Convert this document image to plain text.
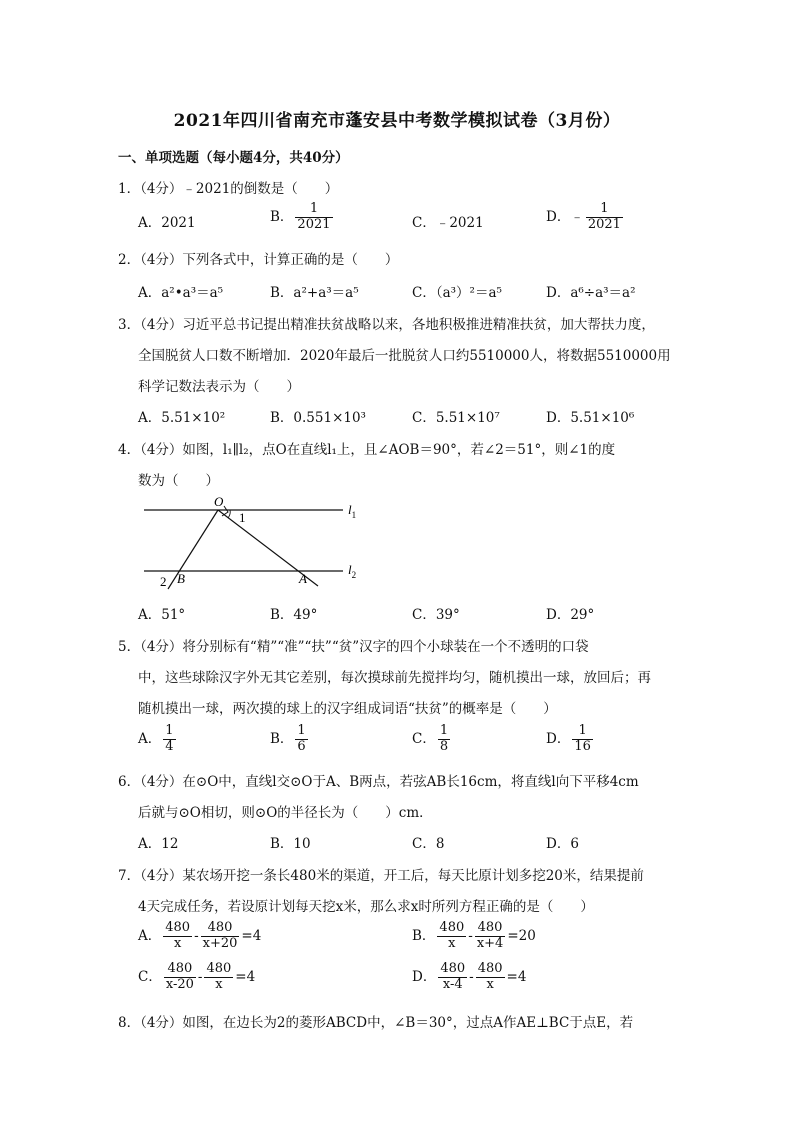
2021年四川省南充市蓬安县中考数学模拟试卷（3月份）
一、单项选题（每小题4分，共40分）
1．（4分）﹣2021的倒数是（　　）
A．2021	B． $\frac{1}{2021}$	C．﹣2021	D．﹣ $\frac{1}{2021}$
2．（4分）下列各式中，计算正确的是（　　）
A．a²•a³＝a⁵	B．a²+a³＝a⁵	C．（a³）²＝a⁵	D．a⁶÷a³＝a²
3．（4分）习近平总书记提出精准扶贫战略以来，各地积极推进精准扶贫，加大帮扶力度，
全国脱贫人口数不断增加．2020年最后一批脱贫人口约5510000人，将数据5510000用
科学记数法表示为（　　）
A．5.51×10²	B．0.551×10³	C．5.51×10⁷	D．5.51×10⁶
4．（4分）如图，l₁∥l₂，点O在直线l₁上，且∠AOB＝90°，若∠2＝51°，则∠1的度
数为（　　）
O
1
2 B	A
$l_1$
$l_2$
A．51°	B．49°	C．39°	D．29°
5．（4分）将分别标有“精”“准”“扶”“贫”汉字的四个小球装在一个不透明的口袋
中，这些球除汉字外无其它差别，每次摸球前先搅拌均匀，随机摸出一球，放回后；再
随机摸出一球，两次摸的球上的汉字组成词语“扶贫”的概率是（　　）
A． $\frac{1}{4}$	B． $\frac{1}{6}$	C． $\frac{1}{8}$	D． $\frac{1}{16}$
6．（4分）在⊙O中，直线l交⊙O于A、B两点，若弦AB长16cm，将直线l向下平移4cm
后就与⊙O相切，则⊙O的半径长为（　　）cm．
A．12	B．10	C．8	D．6
7．（4分）某农场开挖一条长480米的渠道，开工后，每天比原计划多挖20米，结果提前
4天完成任务，若设原计划每天挖x米，那么求x时所列方程正确的是（　　）
A． $\frac{480}{x} - \frac{480}{x+20} =4$	B． $\frac{480}{x} - \frac{480}{x+4} =20$
C． $\frac{480}{x-20} - \frac{480}{x} =4$	D． $\frac{480}{x-4} - \frac{480}{x} =4$
8．（4分）如图，在边长为2的菱形ABCD中，∠B＝30°，过点A作AE⊥BC于点E，若
